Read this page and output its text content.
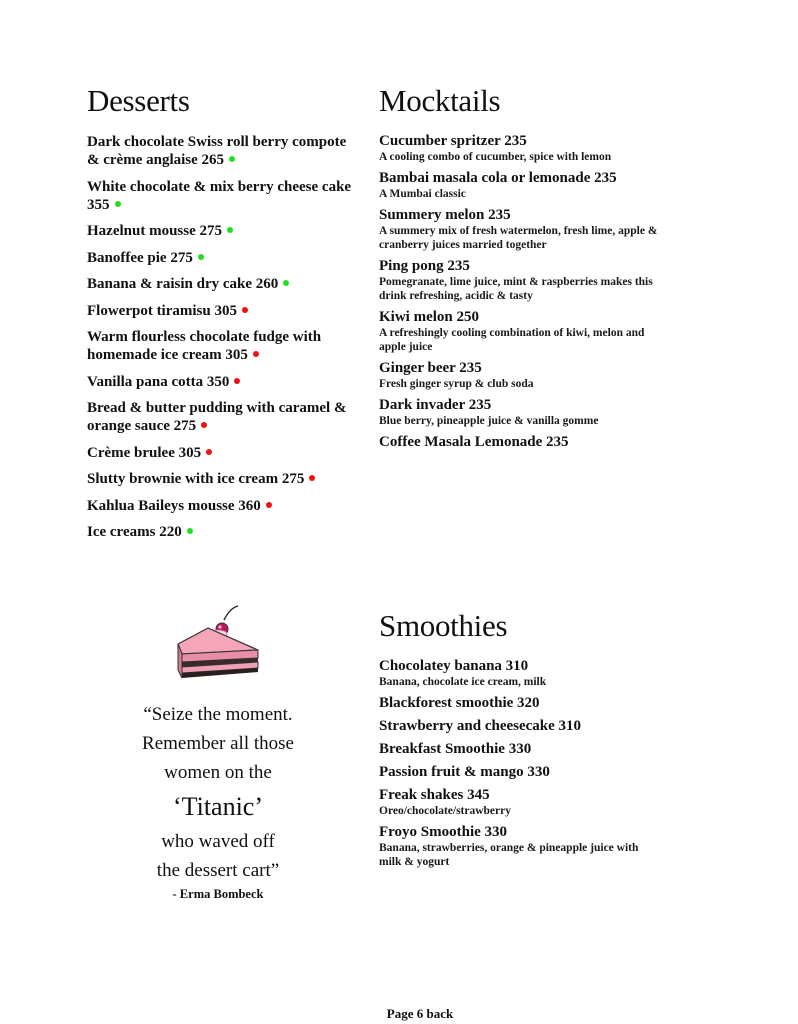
Desserts
Dark chocolate Swiss roll berry compote & crème anglaise 265
White chocolate & mix berry cheese cake 355
Hazelnut mousse 275
Banoffee pie 275
Banana & raisin dry cake 260
Flowerpot tiramisu 305
Warm flourless chocolate fudge with homemade ice cream 305
Vanilla pana cotta 350
Bread & butter pudding with caramel & orange sauce 275
Crème brulee 305
Slutty brownie with ice cream 275
Kahlua Baileys mousse 360
Ice creams 220
Mocktails
Cucumber spritzer 235
A cooling combo of cucumber, spice with lemon
Bambai masala cola or lemonade 235
A Mumbai classic
Summery melon 235
A summery mix of fresh watermelon, fresh lime, apple & cranberry juices married together
Ping pong 235
Pomegranate, lime juice, mint & raspberries makes this drink refreshing, acidic & tasty
Kiwi melon 250
A refreshingly cooling combination of kiwi, melon and apple juice
Ginger beer 235
Fresh ginger syrup & club soda
Dark invader 235
Blue berry, pineapple juice & vanilla gomme
Coffee Masala Lemonade 235
Smoothies
Chocolatey banana 310
Banana, chocolate ice cream, milk
Blackforest smoothie 320
Strawberry and cheesecake 310
Breakfast Smoothie 330
Passion fruit & mango 330
Freak shakes 345
Oreo/chocolate/strawberry
Froyo Smoothie 330
Banana, strawberries, orange & pineapple juice with milk & yogurt
“Seize the moment.
Remember all those
women on the
‘Titanic’
who waved off
the dessert cart”
- Erma Bombeck
Page 6 back
